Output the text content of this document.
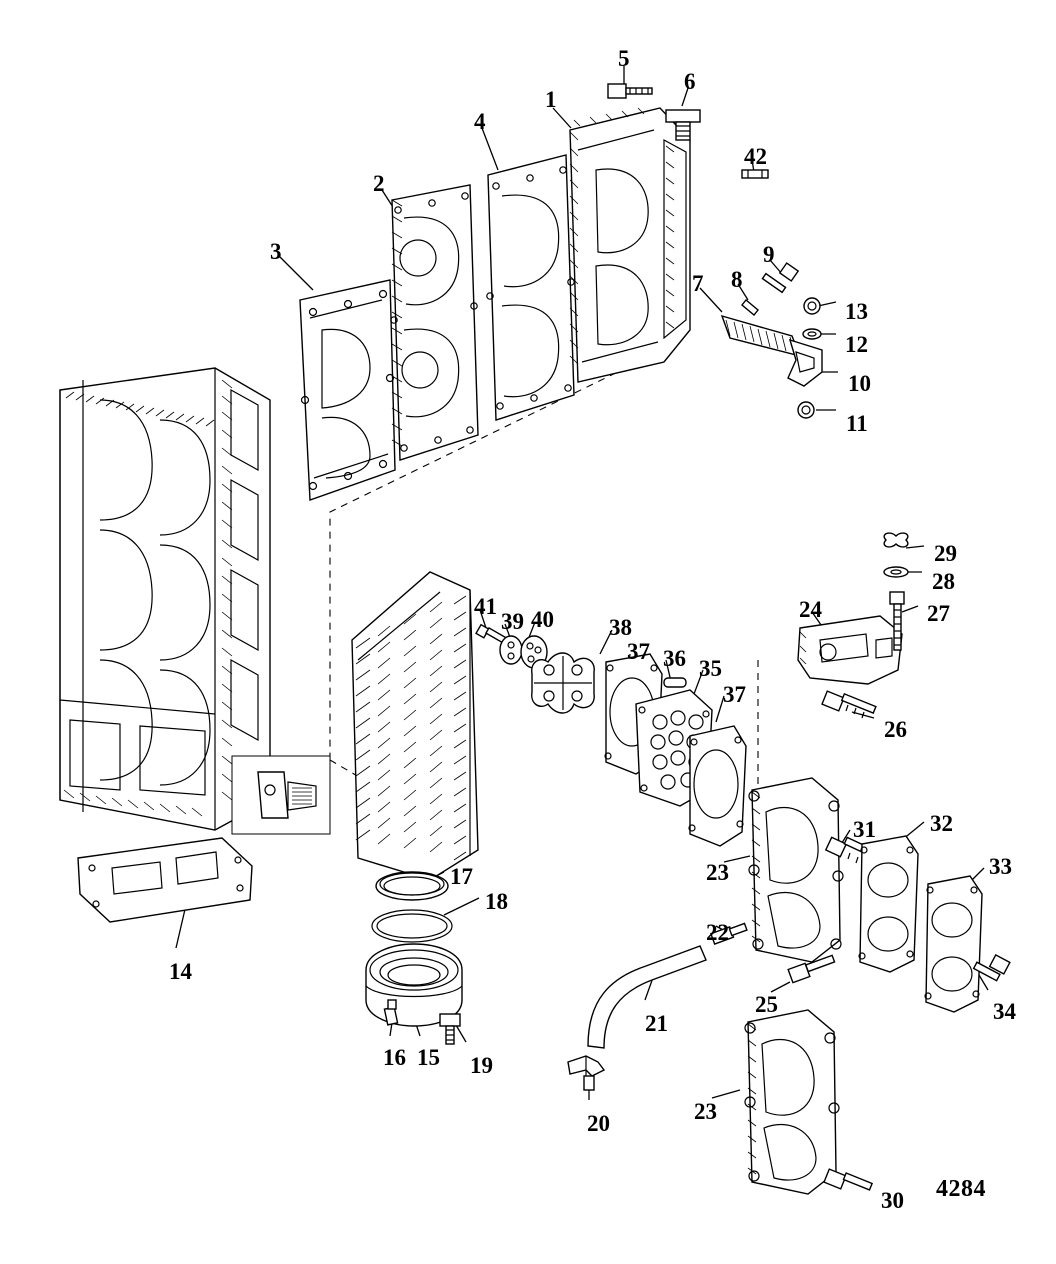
1
2
3
4
5
6
7 8
9
10
11
12
13
14
15
16
17
18
19
20
21
22
23
23
24
25
26
27
28
29
30
31 32
33
34
35
36
37
37
38
39 40
41
42
4284
